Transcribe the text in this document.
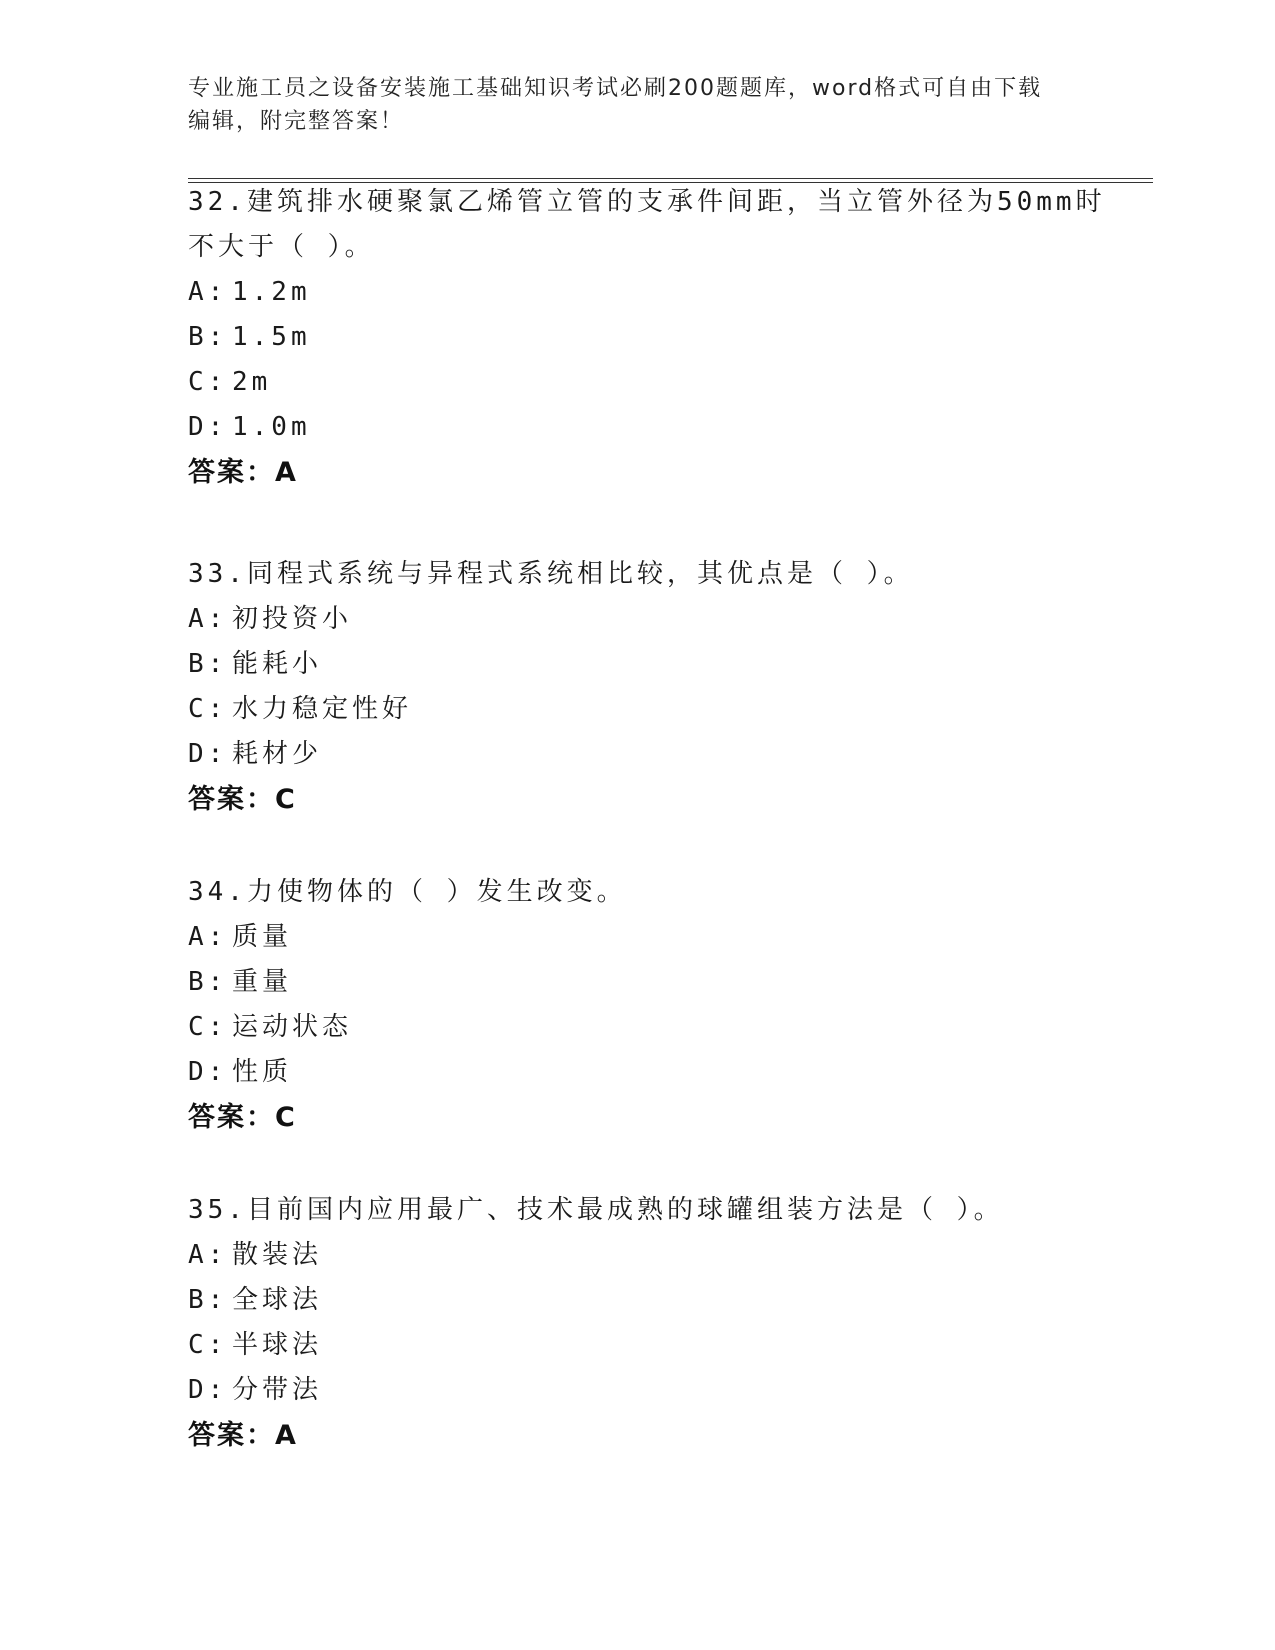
专业施工员之设备安装施工基础知识考试必刷200题题库，word格式可自由下载
编辑，附完整答案！
32.建筑排水硬聚氯乙烯管立管的支承件间距，当立管外径为50mm时
不大于（ ）。
A: 1.2m
B: 1.5m
C: 2m
D: 1.0m
答案：A
33.同程式系统与异程式系统相比较，其优点是（ ）。
A: 初投资小
B: 能耗小
C: 水力稳定性好
D: 耗材少
答案：C
34.力使物体的（ ）发生改变。
A: 质量
B: 重量
C: 运动状态
D: 性质
答案：C
35.目前国内应用最广、技术最成熟的球罐组装方法是（ ）。
A: 散装法
B: 全球法
C: 半球法
D: 分带法
答案：A
